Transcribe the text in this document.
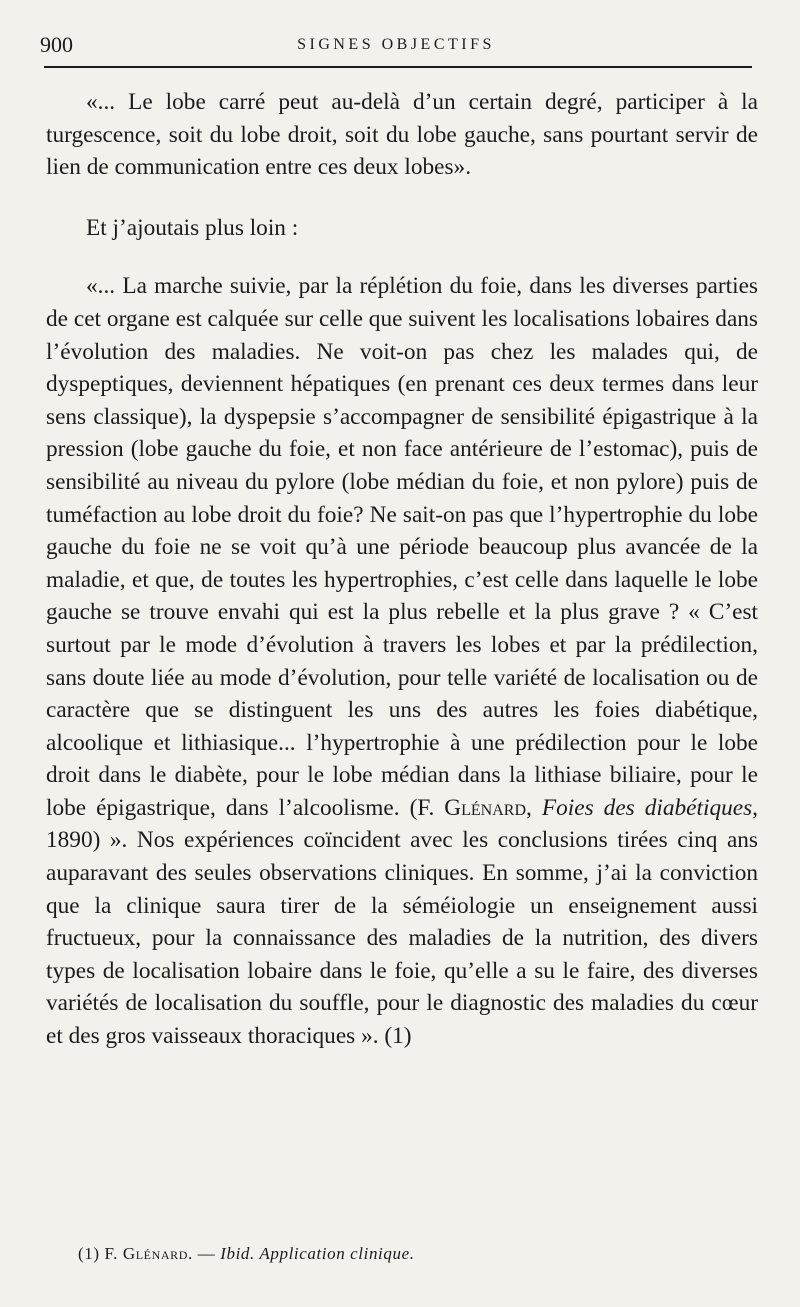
900	SIGNES OBJECTIFS

«... Le lobe carré peut au-delà d’un certain degré, participer à la turgescence, soit du lobe droit, soit du lobe gauche, sans pourtant servir de lien de communication entre ces deux lobes».

Et j’ajoutais plus loin :

«... La marche suivie, par la réplétion du foie, dans les diverses parties de cet organe est calquée sur celle que suivent les localisations lobaires dans l’évolution des maladies. Ne voit-on pas chez les malades qui, de dyspeptiques, deviennent hépatiques (en prenant ces deux termes dans leur sens classique), la dyspepsie s’accompagner de sensibilité épigastrique à la pression (lobe gauche du foie, et non face antérieure de l’estomac), puis de sensibilité au niveau du pylore (lobe médian du foie, et non pylore) puis de tuméfaction au lobe droit du foie? Ne sait-on pas que l’hypertrophie du lobe gauche du foie ne se voit qu’à une période beaucoup plus avancée de la maladie, et que, de toutes les hypertrophies, c’est celle dans laquelle le lobe gauche se trouve envahi qui est la plus rebelle et la plus grave ? « C’est surtout par le mode d’évolution à travers les lobes et par la prédilection, sans doute liée au mode d’évolution, pour telle variété de localisation ou de caractère que se distinguent les uns des autres les foies diabétique, alcoolique et lithiasique... l’hypertrophie à une prédilection pour le lobe droit dans le diabète, pour le lobe médian dans la lithiase biliaire, pour le lobe épigastrique, dans l’alcoolisme. (F. Glénard, Foies des diabétiques, 1890) ». Nos expériences coïncident avec les conclusions tirées cinq ans auparavant des seules observations cliniques. En somme, j’ai la conviction que la clinique saura tirer de la séméiologie un enseignement aussi fructueux, pour la connaissance des maladies de la nutrition, des divers types de localisation lobaire dans le foie, qu’elle a su le faire, des diverses variétés de localisation du souffle, pour le diagnostic des maladies du cœur et des gros vaisseaux thoraciques ». (1)

(1) F. Glénard. — Ibid. Application clinique.
